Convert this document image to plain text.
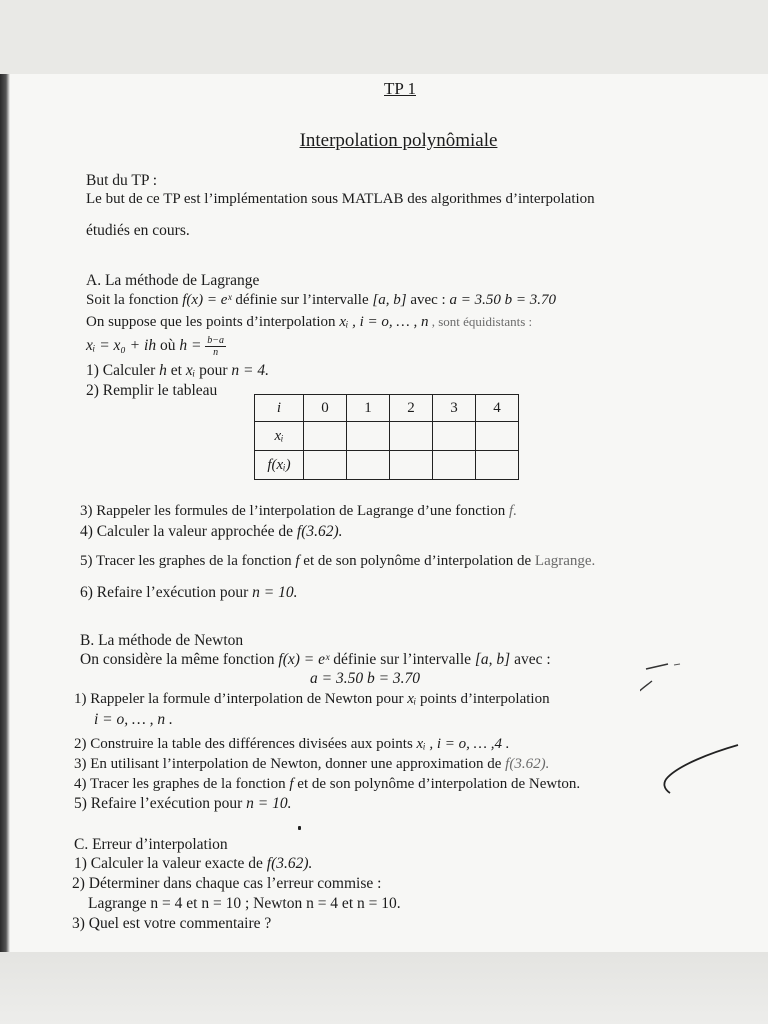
TP 1
Interpolation polynômiale
But du TP :
Le but de ce TP est l’implémentation sous MATLAB des algorithmes d’interpolation
étudiés en cours.
A. La méthode de Lagrange
Soit la fonction f(x) = eˣ définie sur l’intervalle [a, b] avec : a = 3.50 b = 3.70
On suppose que les points d’interpolation xᵢ , i = o, … , n , sont équidistants :
xᵢ = x₀ + ih où $h = \frac{b-a}{n}$
1) Calculer h et xᵢ pour n = 4.
2) Remplir le tableau
i	0	1	2	3	4
xᵢ					
f(xᵢ)					
3) Rappeler les formules de l’interpolation de Lagrange d’une fonction f.
4) Calculer la valeur approchée de f(3.62).
5) Tracer les graphes de la fonction f et de son polynôme d’interpolation de Lagrange.
6) Refaire l’exécution pour n = 10.
B. La méthode de Newton
On considère la même fonction f(x) = eˣ définie sur l’intervalle [a, b] avec :
a = 3.50 b = 3.70
1) Rappeler la formule d’interpolation de Newton pour xᵢ points d’interpolation
i = o, … , n .
2) Construire la table des différences divisées aux points xᵢ , i = o, … ,4 .
3) En utilisant l’interpolation de Newton, donner une approximation de f(3.62).
4) Tracer les graphes de la fonction f et de son polynôme d’interpolation de Newton.
5) Refaire l’exécution pour n = 10.
C. Erreur d’interpolation
1) Calculer la valeur exacte de f(3.62).
2) Déterminer dans chaque cas l’erreur commise :
Lagrange n = 4 et n = 10 ; Newton n = 4 et n = 10.
3) Quel est votre commentaire ?
